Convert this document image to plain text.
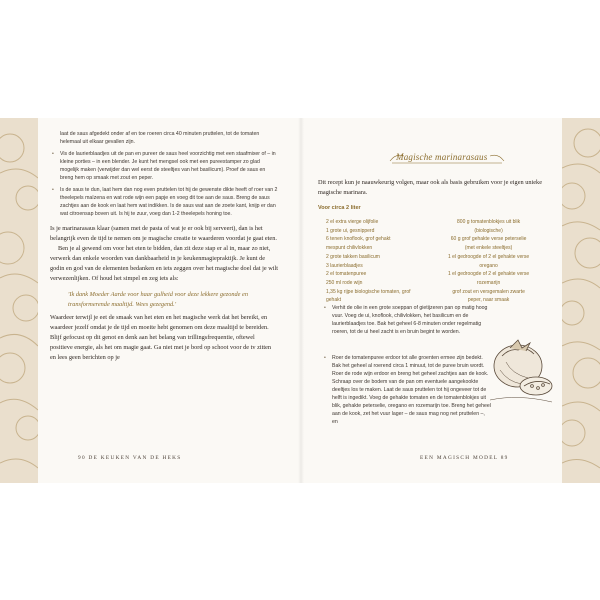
laat de saus afgedekt onder af en toe roeren circa 40 minuten pruttelen, tot de tomaten helemaal uit elkaar gevallen zijn.

• Vis de laurierblaadjes uit de pan en pureer de saus heel voorzichtig met een staafmixer of – in kleine porties – in een blender. Je kunt het mengsel ook met een pureestamper zo glad mogelijk maken (verwijder dan wel eerst de steeltjes van het basilicum). Proef de saus en breng hem op smaak met zout en peper.
• Is de saus te dun, laat hem dan nog even pruttelen tot hij de gewenste dikte heeft of roer van 2 theelepels maïzena en wat rode wijn een papje en voeg dit toe aan de saus. Breng de saus zachtjes aan de kook en laat hem wat indikken. Is de saus wat aan de zoete kant, knijp er dan wat citroensap boven uit. Is hij te zuur, voeg dan 1-2 theelepels honing toe.

Is je marinarasaus klaar (samen met de pasta of wat je er ook bij serveert), dan is het belangrijk even de tijd te nemen om je magische creatie te waarderen voordat je gaat eten.

Ben je al gewend om voor het eten te bidden, dan zit deze stap er al in, maar zo niet, verwerk dan enkele woorden van dankbaarheid in je keukenmagiepraktijk. Je kunt de godin en god van de elementen bedanken en iets zeggen over het magische doel dat je wilt verwezenlijken. Of houd het simpel en zeg iets als:

'Ik dank Moeder Aarde voor haar gulheid voor deze lekkere gezonde en transformerende maaltijd. Wees gezegend.'

Waardeer terwijl je eet de smaak van het eten en het magische werk dat het bereikt, en waardeer jezelf omdat je de tijd en moeite hebt genomen om deze maaltijd te bereiden. Blijf gefocust op dit genot en denk aan het belang van trillingsfrequentie, oftewel positieve energie, als het om magie gaat. Ga niet met je bord op schoot voor de tv zitten en lees geen berichten op je

90 DE KEUKEN VAN DE HEKS
Magische marinarasaus

Dit recept kun je naauwkeurig volgen, maar ook als basis gebruiken voor je eigen unieke magische marinara.

Voor circa 2 liter

2 el extra vierge olijfolie
1 grote ui, gesnipperd
6 tenen knoflook, grof gehakt
mespunt chilivlokken
2 grote takken basilicum
3 laurierblaadjes
2 el tomatenpuree
250 ml rode wijn
1,35 kg rijpe biologische tomaten, grof
gehakt
800 g tomatenblokjes uit blik
(biologische)
60 g grof gehakte verse peterselie
(met enkele steeltjes)
1 el gedroogde of 2 el gehakte verse
oregano
1 el gedroogde of 2 el gehakte verse
rozemarijn
grof zout en versgemalen zwarte
peper, naar smaak
• Verhit de olie in een grote soeppan of gietijzeren pan op matig hoog vuur. Voeg de ui, knoflook, chilivlokken, het basilicum en de laurierblaadjes toe. Bak het geheel 6-8 minuten onder regelmatig roeren, tot de ui heel zacht is en bruin begint te worden.
• Roer de tomatenpuree erdoor tot alle groenten ermee zijn bedekt. Bak het geheel al roerend circa 1 minuut, tot de puree bruin wordt. Roer de rode wijn erdoor en breng het geheel zachtjes aan de kook. Schraap over de bodem van de pan om eventuele aangekookte deeltjes los te maken. Laat de saus pruttelen tot hij ongeveer tot de helft is ingedikt. Voeg de gehakte tomaten en de tomatenblokjes uit blik, gehakte peterselie, oregano en rozemarijn toe. Breng het geheel aan de kook, zet het vuur lager – de saus mag nog net pruttelen –, en
EEN MAGISCH MODEL 89
